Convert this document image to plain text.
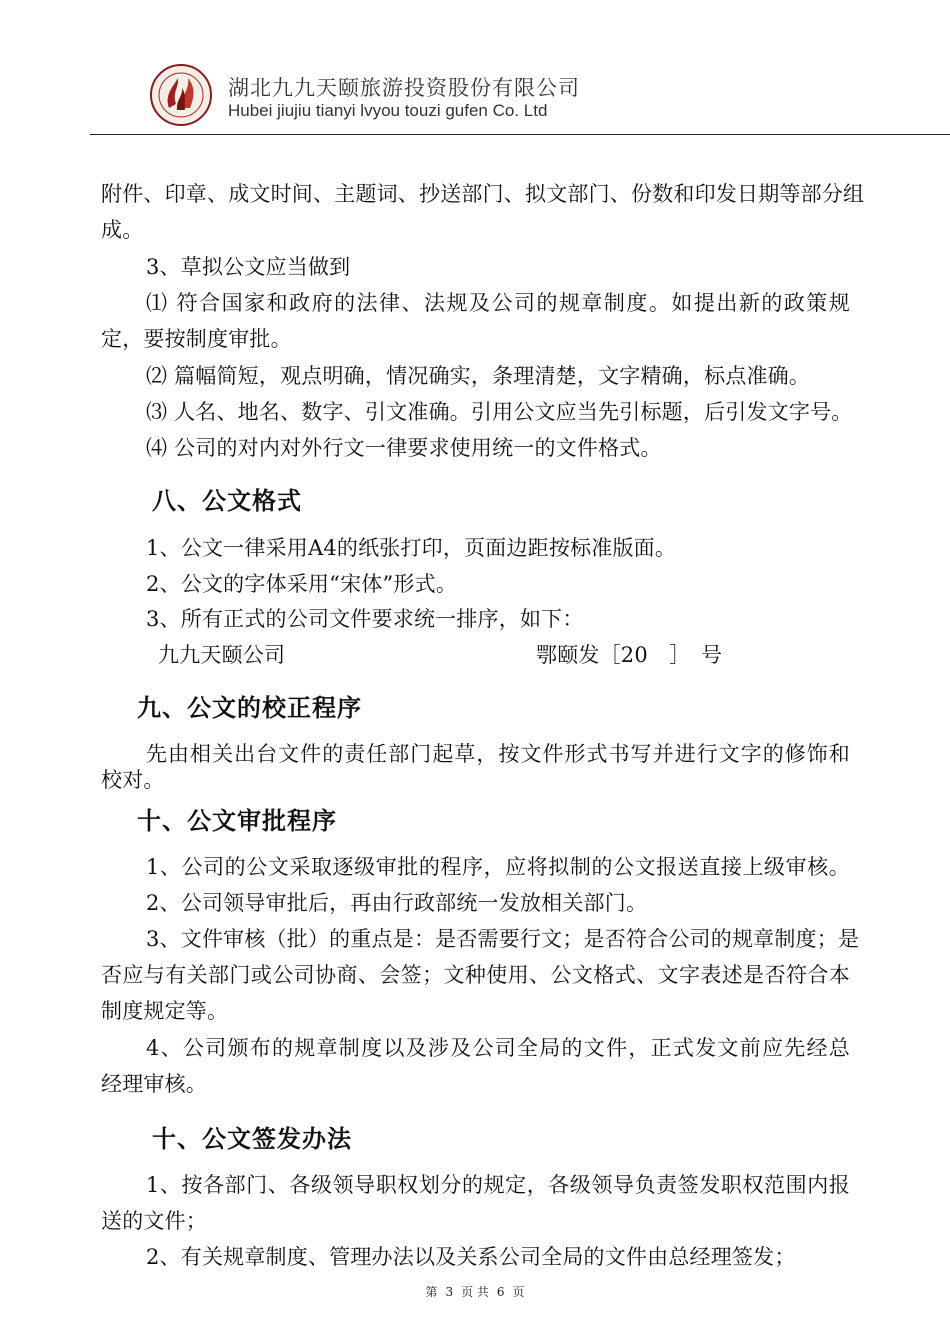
湖北九九天颐旅游投资股份有限公司
Hubei jiujiu tianyi lvyou touzi gufen Co. Ltd
附件、印章、成文时间、主题词、抄送部门、拟文部门、份数和印发日期等部分组
成。
3、草拟公文应当做到
⑴ 符合国家和政府的法律、法规及公司的规章制度。如提出新的政策规
定，要按制度审批。
⑵ 篇幅简短，观点明确，情况确实，条理清楚，文字精确，标点准确。
⑶ 人名、地名、数字、引文准确。引用公文应当先引标题，后引发文字号。
⑷ 公司的对内对外行文一律要求使用统一的文件格式。
八、公文格式
1、公文一律采用A4的纸张打印，页面边距按标准版面。
2、公文的字体采用“宋体”形式。
3、所有正式的公司文件要求统一排序，如下：
九九天颐公司	鄂颐发［20　］　号
九、公文的校正程序
先由相关出台文件的责任部门起草，按文件形式书写并进行文字的修饰和
校对。
十、公文审批程序
1、公司的公文采取逐级审批的程序，应将拟制的公文报送直接上级审核。
2、公司领导审批后，再由行政部统一发放相关部门。
3、文件审核（批）的重点是：是否需要行文；是否符合公司的规章制度；是
否应与有关部门或公司协商、会签；文种使用、公文格式、文字表述是否符合本
制度规定等。
4、公司颁布的规章制度以及涉及公司全局的文件，正式发文前应先经总
经理审核。
十、公文签发办法
1、按各部门、各级领导职权划分的规定，各级领导负责签发职权范围内报
送的文件；
2、有关规章制度、管理办法以及关系公司全局的文件由总经理签发；
第 3 页 共 6 页
